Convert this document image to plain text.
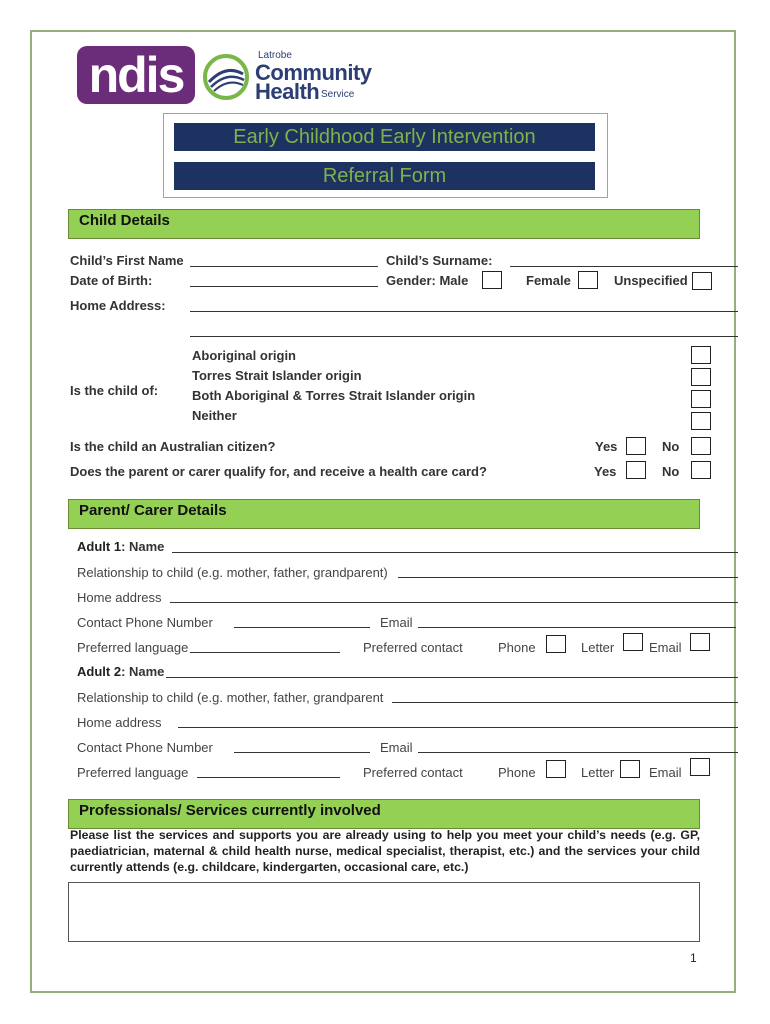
ndis	Latrobe
Community
Health Service
Early Childhood Early Intervention
Referral Form
Child Details
Child’s First Name	Child’s Surname:
Date of Birth:	Gender: Male	Female	Unspecified
Home Address:
Aboriginal origin
Torres Strait Islander origin
Both Aboriginal & Torres Strait Islander origin
Neither
Is the child of:
Is the child an Australian citizen?	Yes	No
Does the parent or carer qualify for, and receive a health care card?	Yes	No
Parent/ Carer Details
Adult 1: Name
Relationship to child (e.g. mother, father, grandparent)
Home address
Contact Phone Number	Email
Preferred language	Preferred contact	Phone	Letter	Email
Adult 2: Name
Relationship to child (e.g. mother, father, grandparent
Home address
Contact Phone Number	Email
Preferred language	Preferred contact	Phone	Letter	Email
Professionals/ Services currently involved
Please list the services and supports you are already using to help you meet your child’s needs (e.g. GP, paediatrician, maternal & child health nurse, medical specialist, therapist, etc.) and the services your child currently attends (e.g. childcare, kindergarten, occasional care, etc.)
1
